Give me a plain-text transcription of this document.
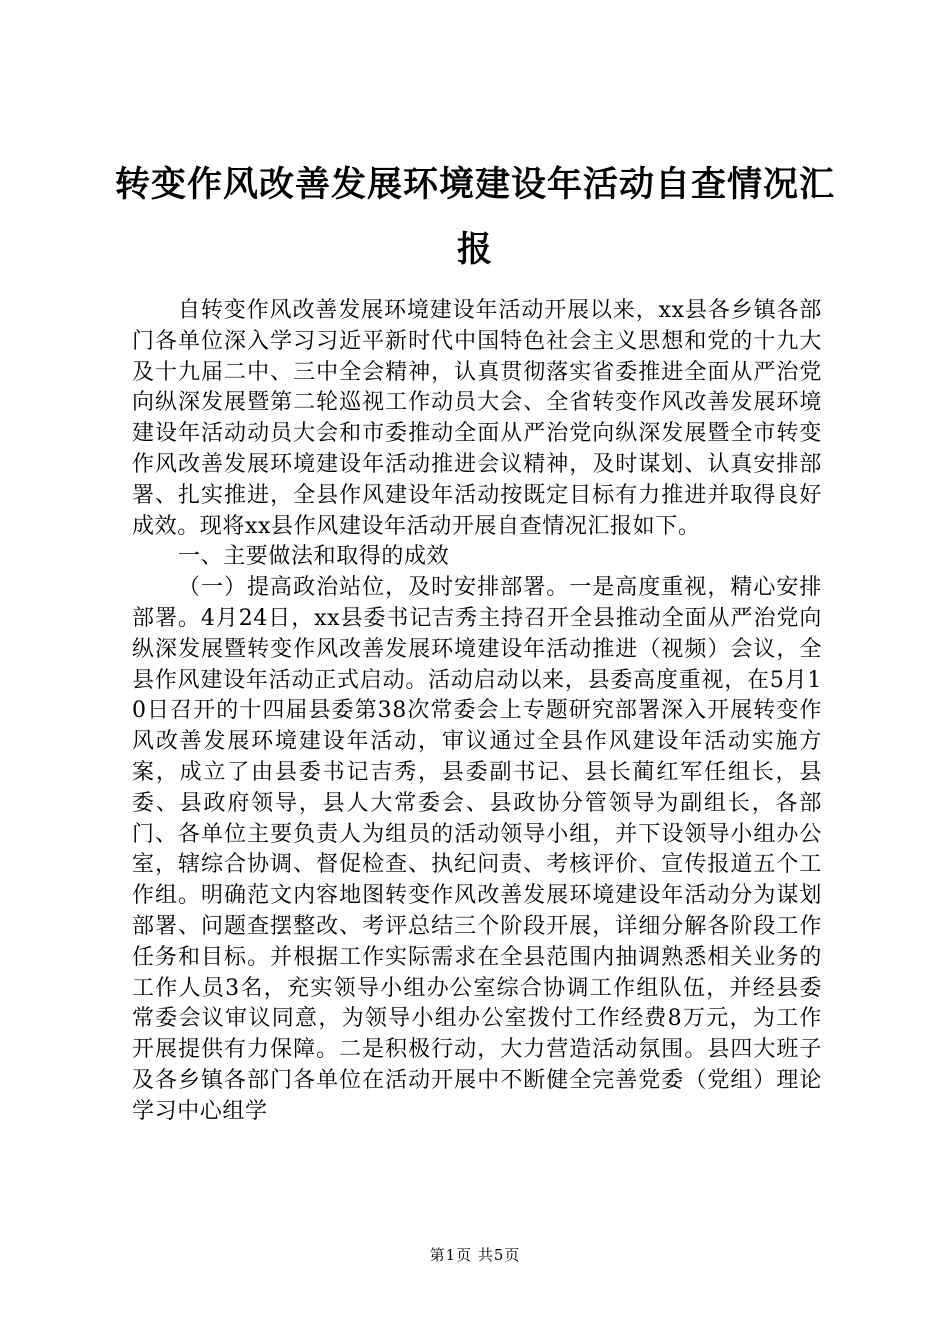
转变作风改善发展环境建设年活动自查情况汇报

自转变作风改善发展环境建设年活动开展以来，xx县各乡镇各部门各单位深入学习习近平新时代中国特色社会主义思想和党的十九大及十九届二中、三中全会精神，认真贯彻落实省委推进全面从严治党向纵深发展暨第二轮巡视工作动员大会、全省转变作风改善发展环境建设年活动动员大会和市委推动全面从严治党向纵深发展暨全市转变作风改善发展环境建设年活动推进会议精神，及时谋划、认真安排部署、扎实推进，全县作风建设年活动按既定目标有力推进并取得良好成效。现将xx县作风建设年活动开展自查情况汇报如下。

一、主要做法和取得的成效

（一）提高政治站位，及时安排部署。一是高度重视，精心安排部署。4月24日，xx县委书记吉秀主持召开全县推动全面从严治党向纵深发展暨转变作风改善发展环境建设年活动推进（视频）会议，全县作风建设年活动正式启动。活动启动以来，县委高度重视，在5月10日召开的十四届县委第38次常委会上专题研究部署深入开展转变作风改善发展环境建设年活动，审议通过全县作风建设年活动实施方案，成立了由县委书记吉秀，县委副书记、县长蔺红军任组长，县委、县政府领导，县人大常委会、县政协分管领导为副组长，各部门、各单位主要负责人为组员的活动领导小组，并下设领导小组办公室，辖综合协调、督促检查、执纪问责、考核评价、宣传报道五个工作组。明确范文内容地图转变作风改善发展环境建设年活动分为谋划部署、问题查摆整改、考评总结三个阶段开展，详细分解各阶段工作任务和目标。并根据工作实际需求在全县范围内抽调熟悉相关业务的工作人员3名，充实领导小组办公室综合协调工作组队伍，并经县委常委会议审议同意，为领导小组办公室拨付工作经费8万元，为工作开展提供有力保障。二是积极行动，大力营造活动氛围。县四大班子及各乡镇各部门各单位在活动开展中不断健全完善党委（党组）理论学习中心组学

第1页 共5页
